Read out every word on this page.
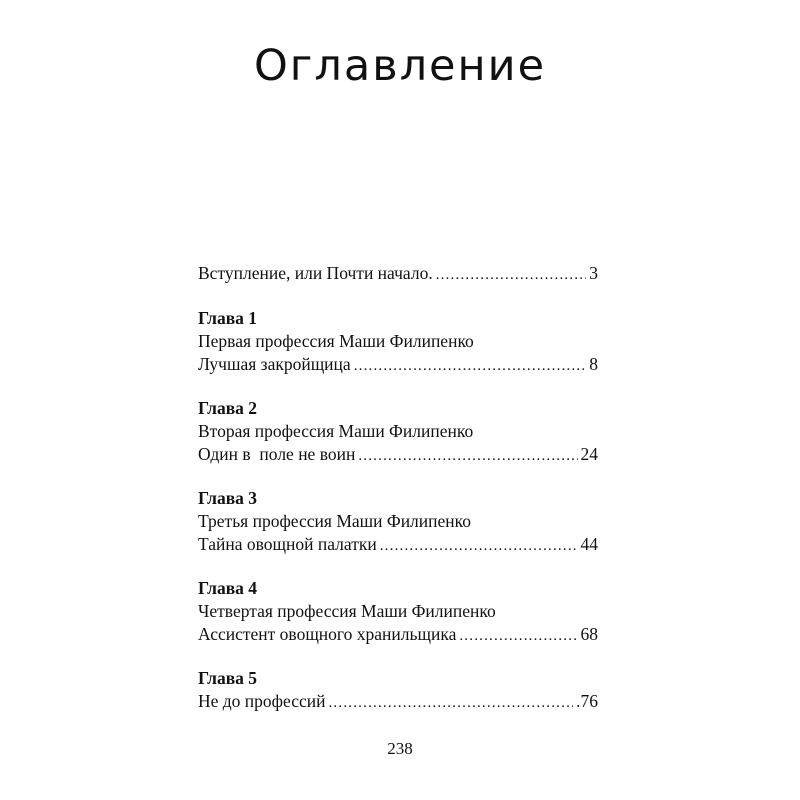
Оглавление
Вступление, или Почти начало. .....	3
Глава 1
Первая профессия Маши Филипенко
Лучшая закройщица .....	8
Глава 2
Вторая профессия Маши Филипенко
Один в  поле не воин .....	24
Глава 3
Третья профессия Маши Филипенко
Тайна овощной палатки .....	44
Глава 4
Четвертая профессия Маши Филипенко
Ассистент овощного хранильщика .....	68
Глава 5
Не до профессий .....	.76
238
